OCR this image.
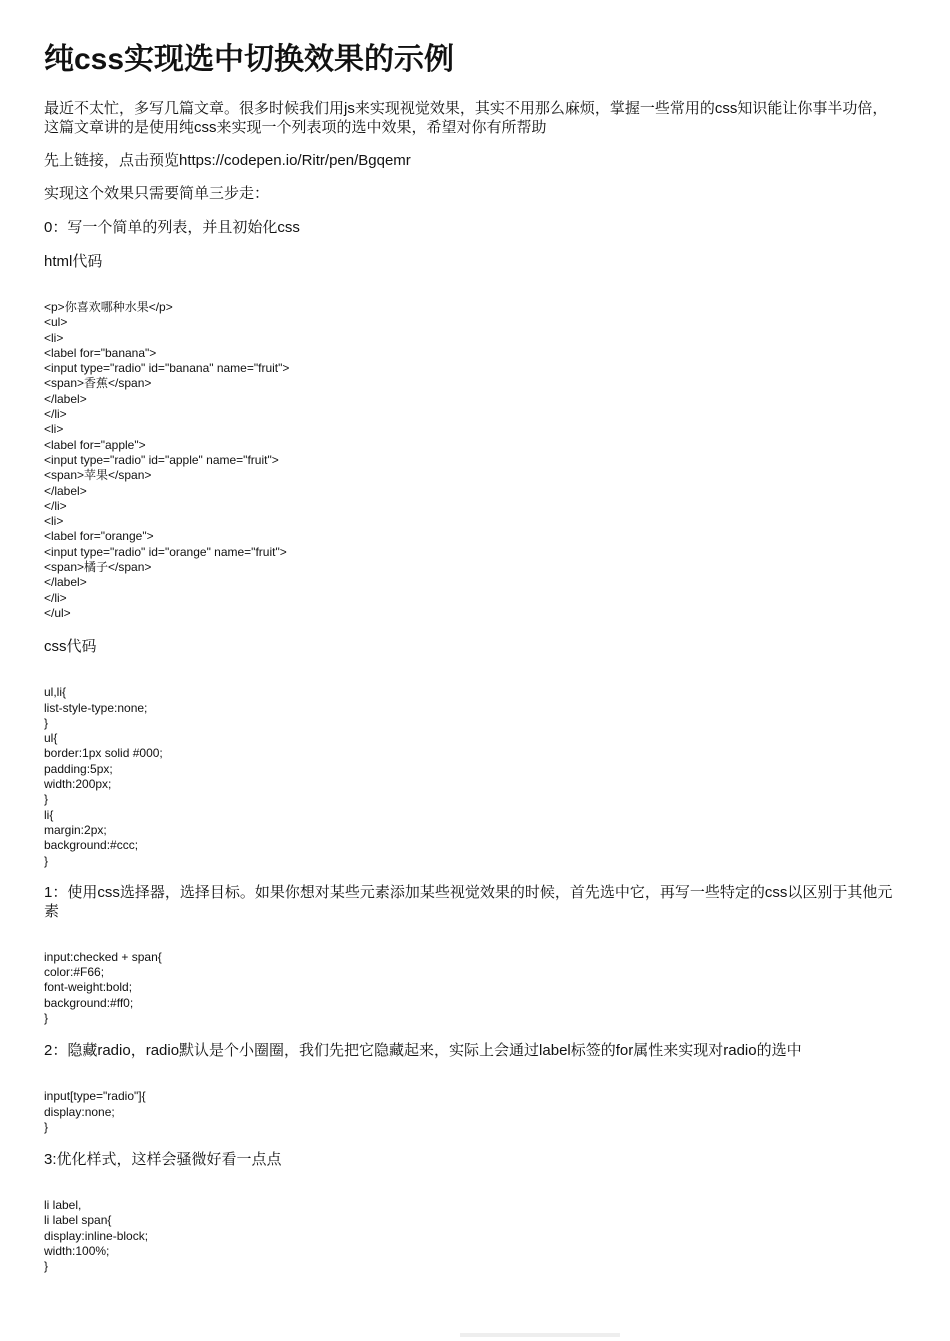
纯css实现选中切换效果的示例

最近不太忙，多写几篇文章。很多时候我们用js来实现视觉效果，其实不用那么麻烦，掌握一些常用的css知识能让你事半功倍，这篇文章讲的是使用纯css来实现一个列表项的选中效果，希望对你有所帮助

先上链接，点击预览https://codepen.io/Ritr/pen/Bgqemr

实现这个效果只需要简单三步走：

0：写一个简单的列表，并且初始化css

html代码

<p>你喜欢哪种水果</p>
<ul>
<li>
<label for="banana">
<input type="radio" id="banana" name="fruit">
<span>香蕉</span>
</label>
</li>
<li>
<label for="apple">
<input type="radio" id="apple" name="fruit">
<span>苹果</span>
</label>
</li>
<li>
<label for="orange">
<input type="radio" id="orange" name="fruit">
<span>橘子</span>
</label>
</li>
</ul>

css代码

ul,li{
list-style-type:none;
}
ul{
border:1px solid #000;
padding:5px;
width:200px;
}
li{
margin:2px;
background:#ccc;
}

1：使用css选择器，选择目标。如果你想对某些元素添加某些视觉效果的时候，首先选中它，再写一些特定的css以区别于其他元素

input:checked + span{
color:#F66;
font-weight:bold;
background:#ff0;
}

2：隐藏radio，radio默认是个小圈圈，我们先把它隐藏起来，实际上会通过label标签的for属性来实现对radio的选中

input[type="radio"]{
display:none;
}

3:优化样式，这样会骚微好看一点点

li label,
li label span{
display:inline-block;
width:100%;
}
